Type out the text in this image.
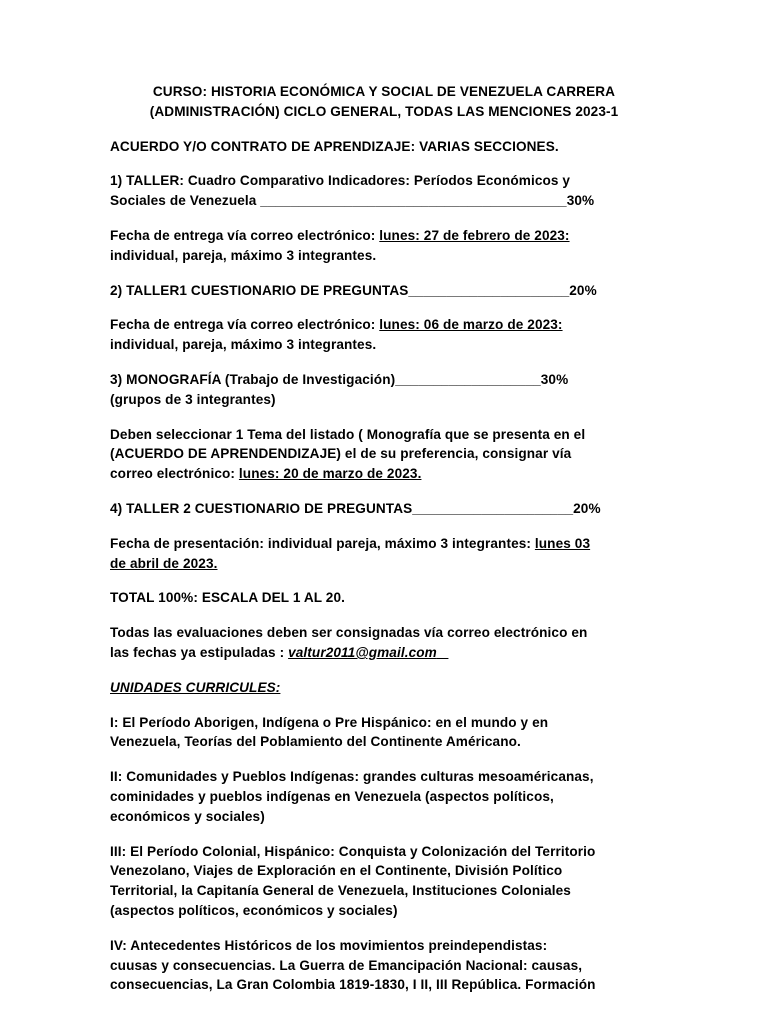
CURSO: HISTORIA ECONÓMICA Y SOCIAL DE VENEZUELA CARRERA
(ADMINISTRACIÓN) CICLO GENERAL, TODAS LAS MENCIONES 2023-1

ACUERDO Y/O CONTRATO DE APRENDIZAJE: VARIAS SECCIONES.

1) TALLER: Cuadro Comparativo Indicadores: Períodos Económicos y
Sociales de Venezuela ________________________________________30%

Fecha de entrega vía correo electrónico: lunes: 27 de febrero de 2023:
individual, pareja, máximo 3 integrantes.

2) TALLER1 CUESTIONARIO DE PREGUNTAS_____________________20%

Fecha de entrega vía correo electrónico: lunes: 06 de marzo de 2023:
individual, pareja, máximo 3 integrantes.

3) MONOGRAFÍA (Trabajo de Investigación)___________________30%
(grupos de 3 integrantes)

Deben seleccionar 1 Tema del listado ( Monografía que se presenta en el
(ACUERDO DE APRENDENDIZAJE) el de su preferencia, consignar vía
correo electrónico: lunes: 20 de marzo de 2023.

4) TALLER 2 CUESTIONARIO DE PREGUNTAS_____________________20%

Fecha de presentación: individual pareja, máximo 3 integrantes: lunes 03
de abril de 2023.

TOTAL 100%: ESCALA DEL 1 AL 20.

Todas las evaluaciones deben ser consignadas vía correo electrónico en
las fechas ya estipuladas : valtur2011@gmail.com _

UNIDADES CURRICULES:

I: El Período Aborigen, Indígena o Pre Hispánico: en el mundo y en
Venezuela, Teorías del Poblamiento del Continente Américano.

II: Comunidades y Pueblos Indígenas: grandes culturas mesoaméricanas,
cominidades y pueblos indígenas en Venezuela (aspectos políticos,
económicos y sociales)

III: El Período Colonial, Hispánico: Conquista y Colonización del Territorio
Venezolano, Viajes de Exploración en el Continente, División Político
Territorial, la Capitanía General de Venezuela, Instituciones Coloniales
(aspectos políticos, económicos y sociales)

IV: Antecedentes Históricos de los movimientos preindependistas:
cuusas y consecuencias. La Guerra de Emancipación Nacional: causas,
consecuencias, La Gran Colombia 1819-1830, I II, III República. Formación
